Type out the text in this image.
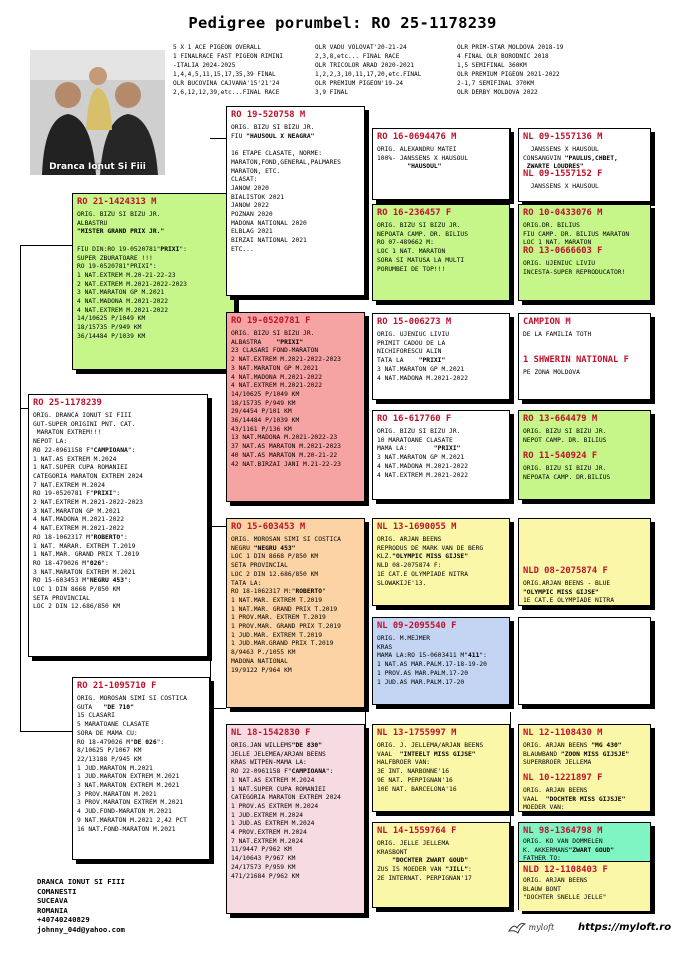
Pedigree porumbel: RO 25-1178239
Dranca Ionut Si Fiii
5 X 1 ACE PIGEON OVERALL
1 FINALRACE FAST PIGEON RIMINI
-ITALIA 2024-2025
1,4,4,5,11,15,17,35,39 FINAL
OLR BUCOVINA CAJVANA'15'21'24
2,6,12,12,39,etc...FINAL RACE
OLR VADU VOLOVAT'20-21-24
2,3,8,etc... FINAL RACE
OLR TRICOLOR ARAD 2020-2021
1,2,2,3,10,11,17,20,etc.FINAL
OLR PREMIUM PIGEON'19-24
3,9 FINAL
OLR PRIM-STAR MOLDOVA 2018-19
4 FINAL OLR BORODNIC 2018
1,5 SEMIFINAL 360KM
OLR PREMIUM PIGEON 2021-2022
2-1,7 SEMIFINAL 370KM
OLR DERBY MOLDOVA 2022
RO 25-1178239
ORIG. DRANCA IONUT SI FIII
GUT-SUPER ORIGINI PNT. CAT.
MARATON EXTREM!!!
NEPOT LA:
RO 22-0961158 F"CAMPIOANA":
1 NAT.AS EXTREM M.2024
1 NAT.SUPER CUPA ROMANIEI
CATEGORIA MARATON EXTREM 2024
7 NAT.EXTREM M.2024
RO 19-0520781 F"PRIXI":
2 NAT.EXTREM M.2021-2022-2023
3 NAT.MARATON GP M.2021
4 NAT.MADONA M.2021-2022
4 NAT.EXTREM M.2021-2022
RO 18-1062317 M"ROBERTO":
1 NAT. MARAR. EXTREM T.2019
1 NAT.MAR. GRAND PRIX T.2019
RO 18-479026 M"026":
3 NAT.MARATON EXTREM M.2021
RO 15-603453 M"NEGRU 453":
LOC 1 DIN 8668 P/850 KM
SETA PROVINCIAL
LOC 2 DIN 12.686/850 KM
RO 21-1424313 M
ORIG. BIZU SI BIZU JR.
ALBASTRU
"MISTER GRAND PRIX JR."

FIU DIN:RO 19-0520781"PRIXI":
SUPER ZBURATOARE !!!
RO 19-0520781"PRIXI":
1 NAT.EXTREM M.20-21-22-23
2 NAT.EXTREM M.2021-2022-2023
3 NAT.MARATON GP M.2021
4 NAT.MADONA M.2021-2022
4 NAT.EXTREM M.2021-2022
14/10625 P/1049 KM
18/15735 P/949 KM
36/14484 P/1039 KM
RO 21-1095710 F
ORIG. MOROSAN SIMI SI COSTICA
GUTA   "DE 710"
15 CLASARI
5 MARATOANE CLASATE
SORA DE MAMA CU:
RO 18-479026 M"DE 026":
8/10625 P/1067 KM
22/13188 P/945 KM
1 JUD.MARATON M.2021
1 JUD.MARATON EXTREM M.2021
3 NAT.MARATON EXTREM M.2021
3 PROV.MARATON M.2021
3 PROV.MARATON EXTREM M.2021
4 JUD.FOND-MARATON M.2021
9 NAT.MARATON M.2021 2,42 PCT
16 NAT.FOND-MARATON M.2021
RO 19-520758 M
ORIG. BIZU SI BIZU JR.
FIU "HAUSOUL X NEAGRA"

16 ETAPE CLASATE, NORME:
MARATON,FOND,GENERAL,PALMARES
MARATON, ETC.
CLASAT:
JANOW 2020
BIALISTOK 2021
JANOW 2022
POZNAN 2020
MADONA NATIONAL 2020
ELBLAG 2021
BIRZAI NATIONAL 2021
ETC...
RO 19-0520781 F
ORIG. BIZU SI BIZU JR.
ALBASTRA    "PRIXI"
23 CLASARI FOND-MARATON
2 NAT.EXTREM M.2021-2022-2023
3 NAT.MARATON GP M.2021
4 NAT.MADONA M.2021-2022
4 NAT.EXTREM M.2021-2022
14/10625 P/1049 KM
18/15735 P/949 KM
29/4454 P/101 KM
36/14484 P/1039 KM
43/1161 P/136 KM
13 NAT.MADONA M.2021-2022-23
37 NAT.AS MARATON M.2021-2023
40 NAT.AS MARATON M.20-21-22
42 NAT.BIRZAI JANI M.21-22-23
RO 15-603453 M
ORIG. MOROSAN SIMI SI COSTICA
NEGRU "NEGRU 453"
LOC 1 DIN 8668 P/850 KM
SETA PROVINCIAL
LOC 2 DIN 12.686/850 KM
TATA LA:
RO 18-1062317 M:"ROBERTO"
1 NAT.MAR. EXTREM T.2019
1 NAT.MAR. GRAND PRIX T.2019
1 PROV.MAR. EXTREM T.2019
1 PROV.MAR. GRAND PRIX T.2019
1 JUD.MAR. EXTREM T.2019
1 JUD.MAR.GRAND PRIX T.2019
8/9463 P./1055 KM
MADONA NATIONAL
19/9122 P/964 KM
NL 18-1542830 F
ORIG.JAN WILLEMS"DE 830"
JELLE JELEMEA/ARJAN BEENS
KRAS WITPEN-MAMA LA:
RO 22-0961158 F"CAMPIOANA":
1 NAT.AS EXTREM M.2024
1 NAT.SUPER CUPA ROMANIEI
CATEGORIA MARATON EXTREM 2024
1 PROV.AS EXTREM M.2024
1 JUD.EXTREM M.2024
1 JUD.AS EXTREM M.2024
4 PROV.EXTREM M.2024
7 NAT.EXTREM M.2024
11/9447 P/962 KM
14/10643 P/967 KM
24/17573 P/959 KM
471/21684 P/962 KM
RO 16-0694476 M
ORIG. ALEXANDRU MATEI
100%- JANSSENS X HAUSOUL
"HAUSOUL"
RO 16-236457 F
ORIG. BIZU SI BIZU JR.
NEPOATA CAMP. DR. BILIUS
RO 07-489662 M:
LOC 1 NAT. MARATON
SORA SI MATUSA LA MULTI
PORUMBEI DE TOP!!!
RO 15-006273 M
ORIG. UJENIUC LIVIU
PRIMIT CADOU DE LA
NICHIFORESCU ALIN
TATA LA    "PRIXI"
3 NAT.MARATON GP M.2021
4 NAT.MADONA M.2021-2022
RO 16-617760 F
ORIG. BIZU SI BIZU JR.
10 MARATOANE CLASATE
MAMA LA:	"PRIXI"
3 NAT.MARATON GP M.2021
4 NAT.MADONA M.2021-2022
4 NAT.EXTREM M.2021-2022
NL 13-1690055 M
ORIG. ARJAN BEENS
REPRODUS DE MARK VAN DE BERG
KLZ."OLYMPIC MISS GIJSE"
NLD 08-2075874 F:
1E CAT.E OLYMPIADE NITRA
SLOWAKIJE'13.
NL 09-2095540 F
ORIG. M.MEJMER
KRAS
MAMA LA:RO 15-0603411 M"411":
1 NAT.AS MAR.PALM.17-18-19-20
1 PROV.AS MAR.PALM.17-20
1 JUD.AS MAR.PALM.17-20
NL 13-1755997 M
ORIG. J. JELLEMA/ARJAN BEENS
VAAL  "INTEELT MISS GIJSE"
HALFBROER VAN:
3E INT. NARBONNE'16
9E NAT. PERPIGNAN'16
10E NAT. BARCELONA'16
NL 14-1559764 F
ORIG. JELLE JELLEMA
KRASBONT
"DOCHTER ZWART GOUD"
ZUS IS MOEDER VAN "JILL":
2E INTERNAT. PERPIGNAN'17
NL 09-1557136 M
JANSSENS X HAUSOUL
CONSANGVIN "PAULUS,CHBET,
ZWARTE LOUDRES"
NL 09-1557152 F
JANSSENS X HAUSOUL
RO 10-0433076 M
ORIG.DR. BILIUS
FIU CAMP. DR. BILIUS MARATON
LOC 1 NAT. MARATON
RO 13-0666603 F
ORIG. UJENIUC LIVIU
INCESTA-SUPER REPRODUCATOR!
CAMPION M
DE LA FAMILIA TOTH
1 SHWERIN NATIONAL F
PE ZONA MOLDOVA
RO 13-664479 M
ORIG. BIZU SI BIZU JR.
NEPOT CAMP. DR. BILIUS
RO 11-540924 F
ORIG. BIZU SI BIZU JR.
NEPOATA CAMP. DR.BILIUS
NLD 08-2075874 F
ORIG.ARJAN BEENS - BLUE
"OLYMPIC MISS GIJSE"
1E CAT.E OLYMPIADE NITRA
NL 12-1108430 M
ORIG. ARJAN BEENS "MG 430"
BLAUWBAND "ZOON MISS GIJSJE"
SUPERBROER JELLEMA
NL 10-1221897 F
ORIG. ARJAN BEENS
VAAL  "DOCHTER MISS GIJSJE"
MOEDER VAN:
NL 98-1364798 M
ORIG. KO VAN DOMMELEN
K. AKKERMANS"ZWART GOUD"
FATHER TO:
NLD 12-1108403 F
ORIG. ARJAN BEENS
BLAUW BONT
"DOCHTER SNELLE JELLE"
DRANCA IONUT SI FIII
COMANESTI
SUCEAVA
ROMANIA
+40740240829
johnny_04d@yahoo.com	myloft https://myloft.ro
